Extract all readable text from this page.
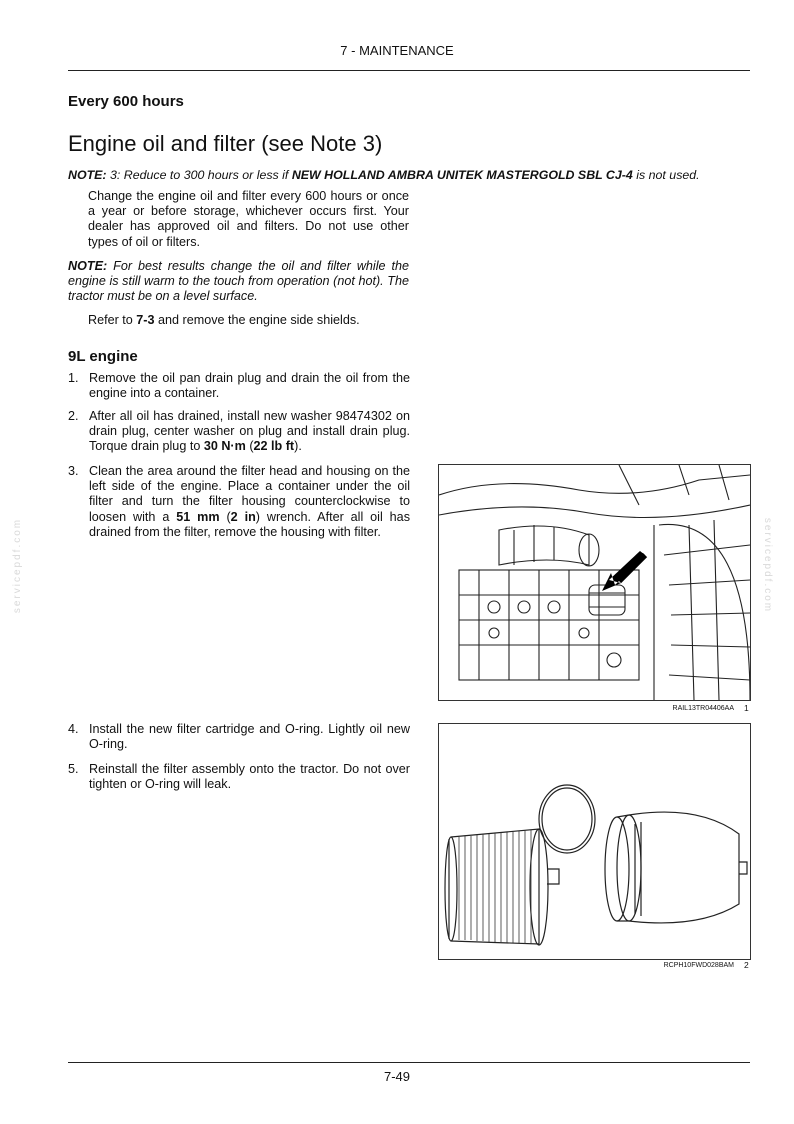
7 - MAINTENANCE
Every 600 hours
Engine oil and filter (see Note 3)
NOTE: 3: Reduce to 300 hours or less if NEW HOLLAND AMBRA UNITEK MASTERGOLD SBL CJ-4 is not used.
Change the engine oil and filter every 600 hours or once a year or before storage, whichever occurs first. Your dealer has approved oil and filters. Do not use other types of oil or filters.
NOTE: For best results change the oil and filter while the engine is still warm to the touch from operation (not hot). The tractor must be on a level surface.
Refer to 7-3 and remove the engine side shields.
9L engine
1. Remove the oil pan drain plug and drain the oil from the engine into a container.
2. After all oil has drained, install new washer 98474302 on drain plug, center washer on plug and install drain plug. Torque drain plug to 30 N·m (22 lb ft).
3. Clean the area around the filter head and housing on the left side of the engine. Place a container under the oil filter and turn the filter housing counterclockwise to loosen with a 51 mm (2 in) wrench. After all oil has drained from the filter, remove the housing with filter.
4. Install the new filter cartridge and O-ring. Lightly oil new O-ring.
5. Reinstall the filter assembly onto the tractor. Do not over tighten or O-ring will leak.
RAIL13TR04406AA 1
RCPH10FWD028BAM 2
servicepdf.com	servicepdf.com
7-49
